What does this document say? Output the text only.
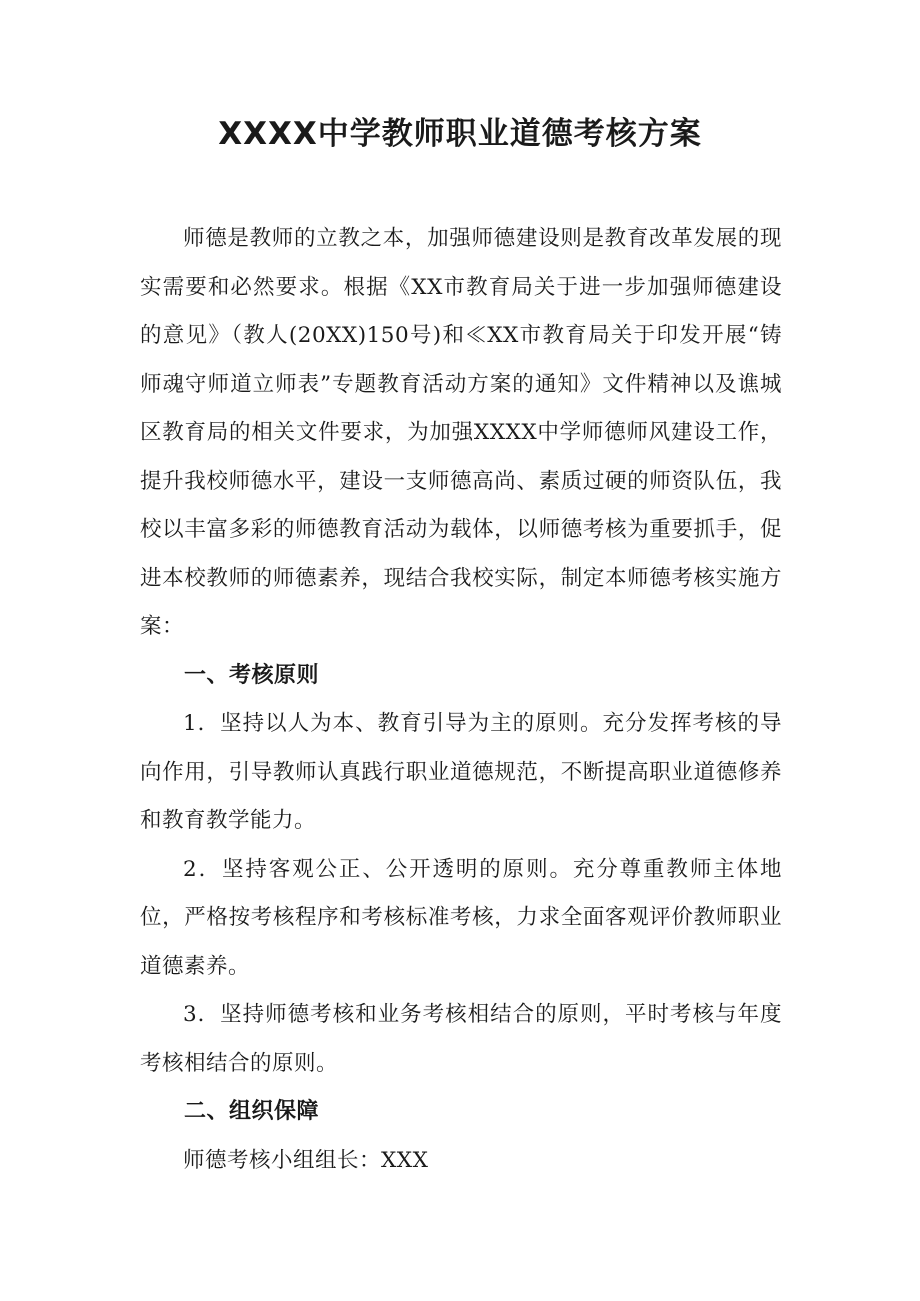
XXXX中学教师职业道德考核方案

师德是教师的立教之本，加强师德建设则是教育改革发展的现实需要和必然要求。根据《XX市教育局关于进一步加强师德建设的意见》（教人(20XX)150号)和≪XX市教育局关于印发开展“铸师魂守师道立师表”专题教育活动方案的通知》文件精神以及谯城区教育局的相关文件要求，为加强XXXX中学师德师风建设工作，提升我校师德水平，建设一支师德高尚、素质过硬的师资队伍，我校以丰富多彩的师德教育活动为载体，以师德考核为重要抓手，促进本校教师的师德素养，现结合我校实际，制定本师德考核实施方案：

一、考核原则

1．坚持以人为本、教育引导为主的原则。充分发挥考核的导向作用，引导教师认真践行职业道德规范，不断提高职业道德修养和教育教学能力。

2．坚持客观公正、公开透明的原则。充分尊重教师主体地位，严格按考核程序和考核标准考核，力求全面客观评价教师职业道德素养。

3．坚持师德考核和业务考核相结合的原则，平时考核与年度考核相结合的原则。

二、组织保障

师德考核小组组长：XXX
